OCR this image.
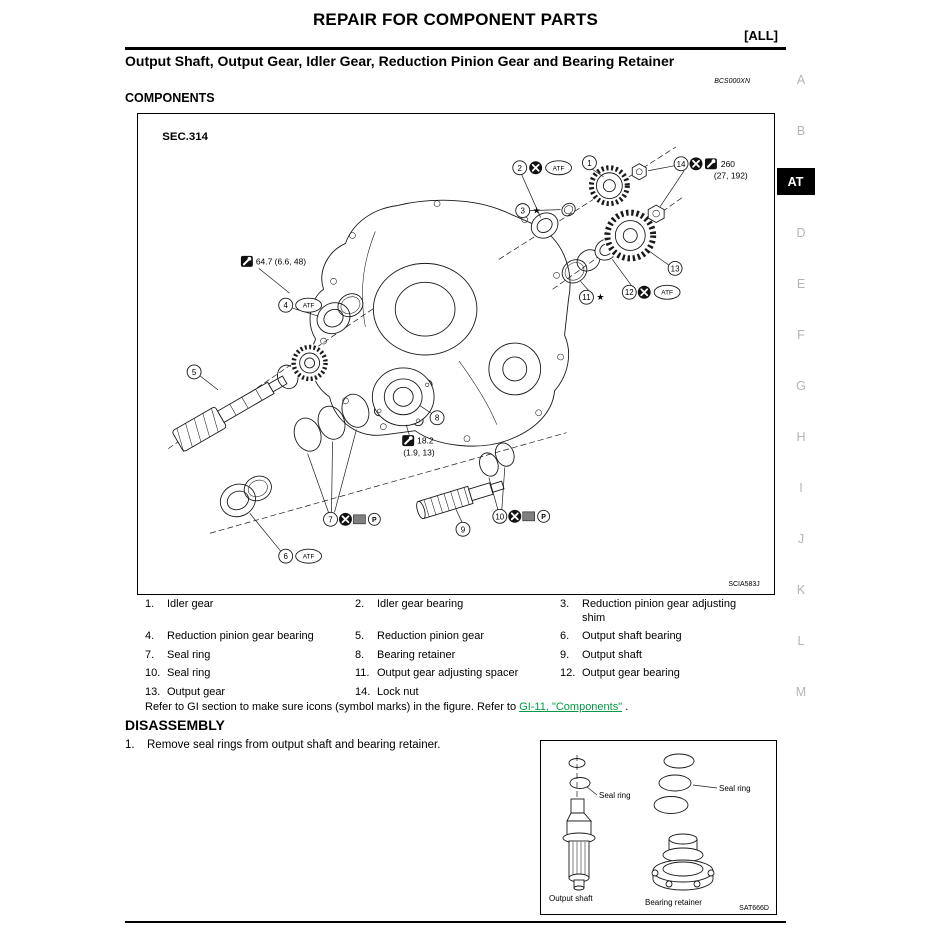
REPAIR FOR COMPONENT PARTS
[ALL]
Output Shaft, Output Gear, Idler Gear, Reduction Pinion Gear and Bearing Retainer
BCS000XN
COMPONENTS
SEC.314
1
2	ATF
3 ★
14	260
(27, 192)
13
11 ★	12	ATF
64.7 (6.6, 48)
4 ATF
5
8
18.2
(1.9, 13)
7	P
9
10	P
6 ATF
SCIA583J
1.	Idler gear	2.	Idler gear bearing	3.	Reduction pinion gear adjusting shim
4.	Reduction pinion gear bearing	5.	Reduction pinion gear	6.	Output shaft bearing
7.	Seal ring	8.	Bearing retainer	9.	Output shaft
10. Seal ring	11. Output gear adjusting spacer	12. Output gear bearing
13. Output gear	14. Lock nut
Refer to GI section to make sure icons (symbol marks) in the figure. Refer to GI-11, "Components" .
DISASSEMBLY
1. Remove seal rings from output shaft and bearing retainer.
Seal ring
Output shaft
Seal ring
Bearing retainer
SAT666D
A
B
AT
D
E
F
G
H
I
J
K
L
M
